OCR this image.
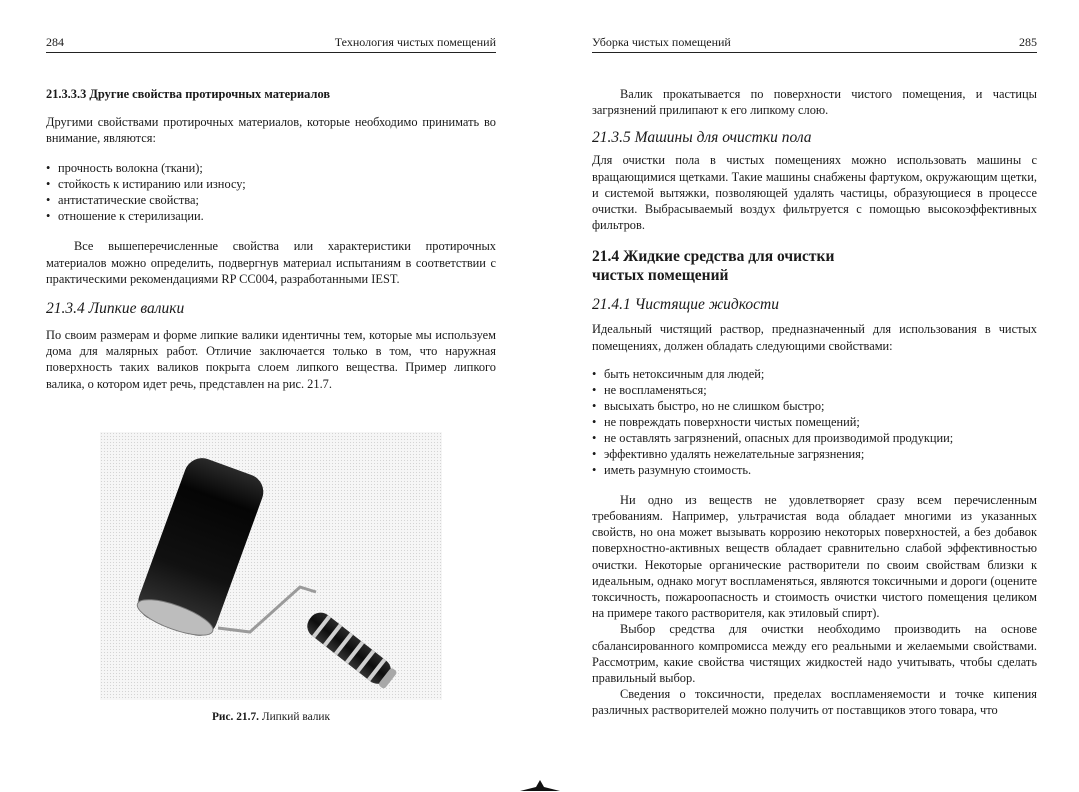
284	Технология чистых помещений

21.3.3.3 Другие свойства протирочных материалов

Другими свойствами протирочных материалов, которые необходимо принимать во внимание, являются:

• прочность волокна (ткани);
• стойкость к истиранию или износу;
• антистатические свойства;
• отношение к стерилизации.

Все вышеперечисленные свойства или характеристики протирочных материалов можно определить, подвергнув материал испытаниям в соответствии с практическими рекомендациями RP CC004, разработанными IEST.

21.3.4 Липкие валики

По своим размерам и форме липкие валики идентичны тем, которые мы используем дома для малярных работ. Отличие заключается только в том, что наружная поверхность таких валиков покрыта слоем липкого вещества. Пример липкого валика, о котором идет речь, представлен на рис. 21.7.

Рис. 21.7. Липкий валик
Уборка чистых помещений	285

Валик прокатывается по поверхности чистого помещения, и частицы загрязнений прилипают к его липкому слою.

21.3.5 Машины для очистки пола

Для очистки пола в чистых помещениях можно использовать машины с вращающимися щетками. Такие машины снабжены фартуком, окружающим щетки, и системой вытяжки, позволяющей удалять частицы, образующиеся в процессе очистки. Выбрасываемый воздух фильтруется с помощью высокоэффективных фильтров.

21.4 Жидкие средства для очистки

чистых помещений

21.4.1 Чистящие жидкости

Идеальный чистящий раствор, предназначенный для использования в чистых помещениях, должен обладать следующими свойствами:

• быть нетоксичным для людей;
• не воспламеняться;
• высыхать быстро, но не слишком быстро;
• не повреждать поверхности чистых помещений;
• не оставлять загрязнений, опасных для производимой продукции;
• эффективно удалять нежелательные загрязнения;
• иметь разумную стоимость.

Ни одно из веществ не удовлетворяет сразу всем перечисленным требованиям. Например, ультрачистая вода обладает многими из указанных свойств, но она может вызывать коррозию некоторых поверхностей, а без добавок поверхностно-активных веществ обладает сравнительно слабой эффективностью очистки. Некоторые органические растворители по своим свойствам близки к идеальным, однако могут воспламеняться, являются токсичными и дороги (оцените токсичность, пожароопасность и стоимость очистки чистого помещения целиком на примере такого растворителя, как этиловый спирт).

Выбор средства для очистки необходимо производить на основе сбалансированного компромисса между его реальными и желаемыми свойствами. Рассмотрим, какие свойства чистящих жидкостей надо учитывать, чтобы сделать правильный выбор.

Сведения о токсичности, пределах воспламеняемости и точке кипения различных растворителей можно получить от поставщиков этого товара, что
